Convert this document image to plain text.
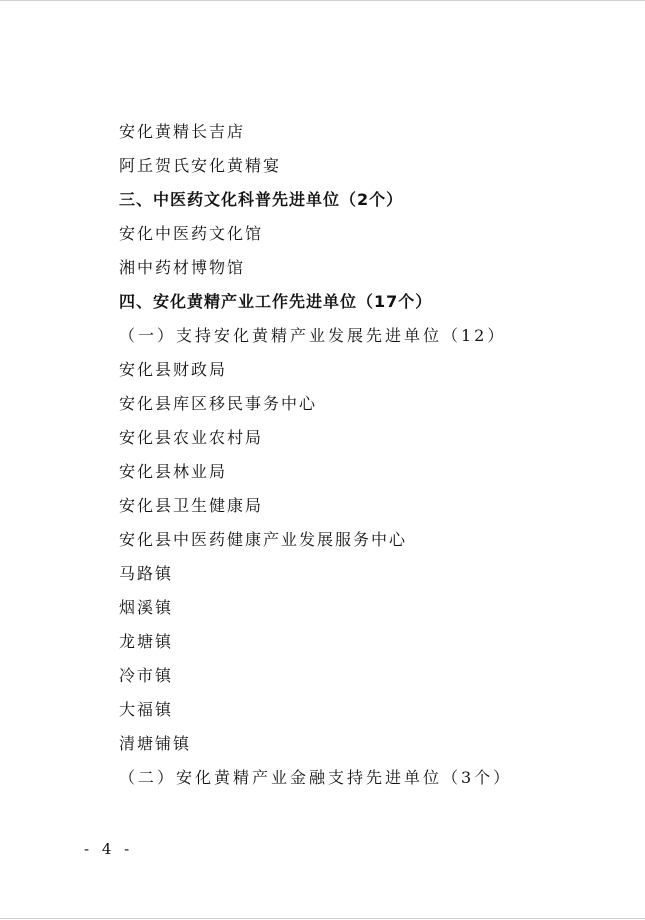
安化黄精长吉店
阿丘贺氏安化黄精宴
三、中医药文化科普先进单位（2个）
安化中医药文化馆
湘中药材博物馆
四、安化黄精产业工作先进单位（17个）
（一）支持安化黄精产业发展先进单位（12）
安化县财政局
安化县库区移民事务中心
安化县农业农村局
安化县林业局
安化县卫生健康局
安化县中医药健康产业发展服务中心
马路镇
烟溪镇
龙塘镇
冷市镇
大福镇
清塘铺镇
（二）安化黄精产业金融支持先进单位（3个）
- 4 -
